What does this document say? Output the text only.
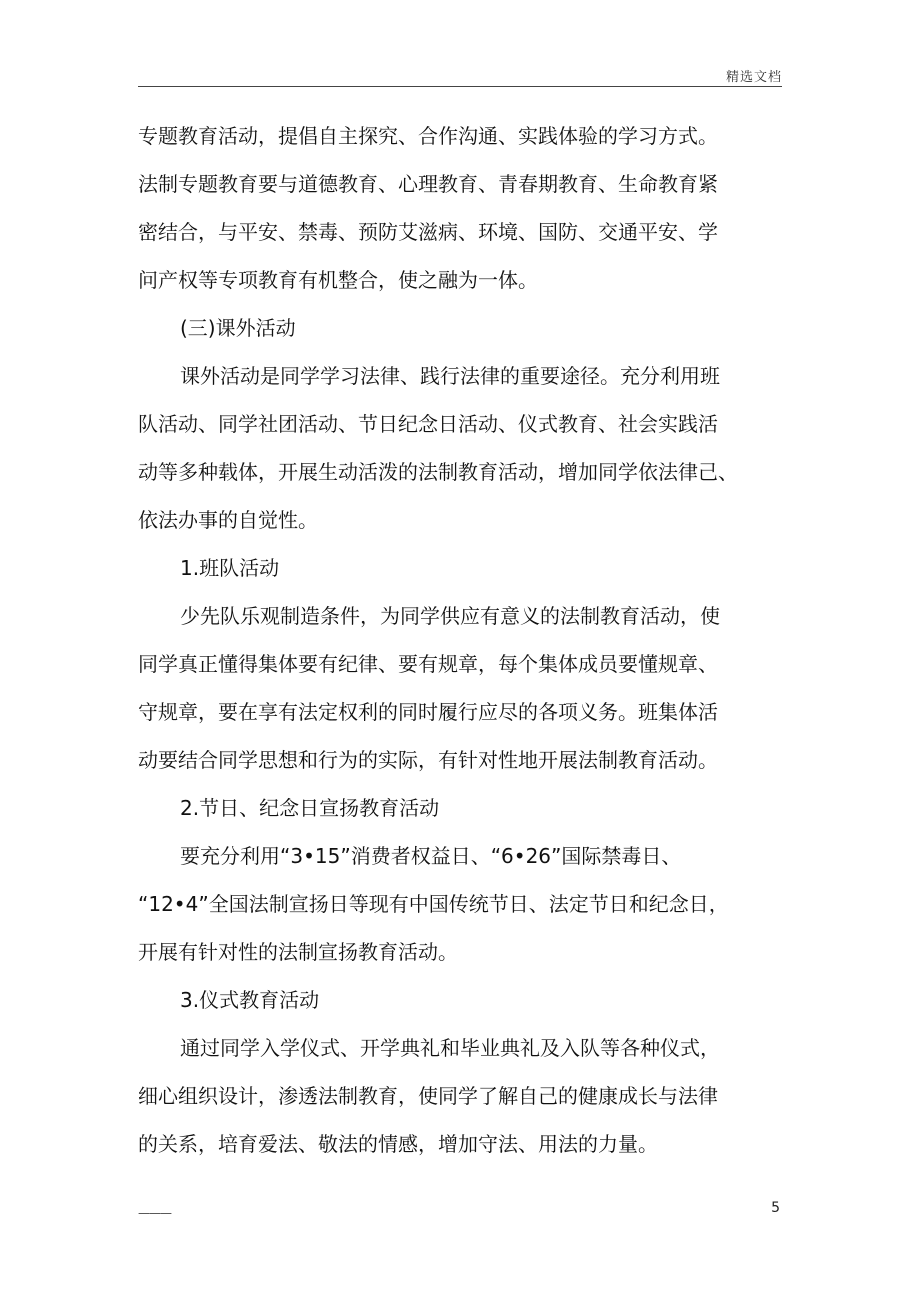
精选文档
专题教育活动，提倡自主探究、合作沟通、实践体验的学习方式。
法制专题教育要与道德教育、心理教育、青春期教育、生命教育紧
密结合，与平安、禁毒、预防艾滋病、环境、国防、交通平安、学
问产权等专项教育有机整合，使之融为一体。
(三)课外活动
课外活动是同学学习法律、践行法律的重要途径。充分利用班
队活动、同学社团活动、节日纪念日活动、仪式教育、社会实践活
动等多种载体，开展生动活泼的法制教育活动，增加同学依法律己、
依法办事的自觉性。
1.班队活动
少先队乐观制造条件，为同学供应有意义的法制教育活动，使
同学真正懂得集体要有纪律、要有规章，每个集体成员要懂规章、
守规章，要在享有法定权利的同时履行应尽的各项义务。班集体活
动要结合同学思想和行为的实际，有针对性地开展法制教育活动。
2.节日、纪念日宣扬教育活动
要充分利用“3•15”消费者权益日、“6•26”国际禁毒日、
“12•4”全国法制宣扬日等现有中国传统节日、法定节日和纪念日，
开展有针对性的法制宣扬教育活动。
3.仪式教育活动
通过同学入学仪式、开学典礼和毕业典礼及入队等各种仪式，
细心组织设计，渗透法制教育，使同学了解自己的健康成长与法律
的关系，培育爱法、敬法的情感，增加守法、用法的力量。
———	5
